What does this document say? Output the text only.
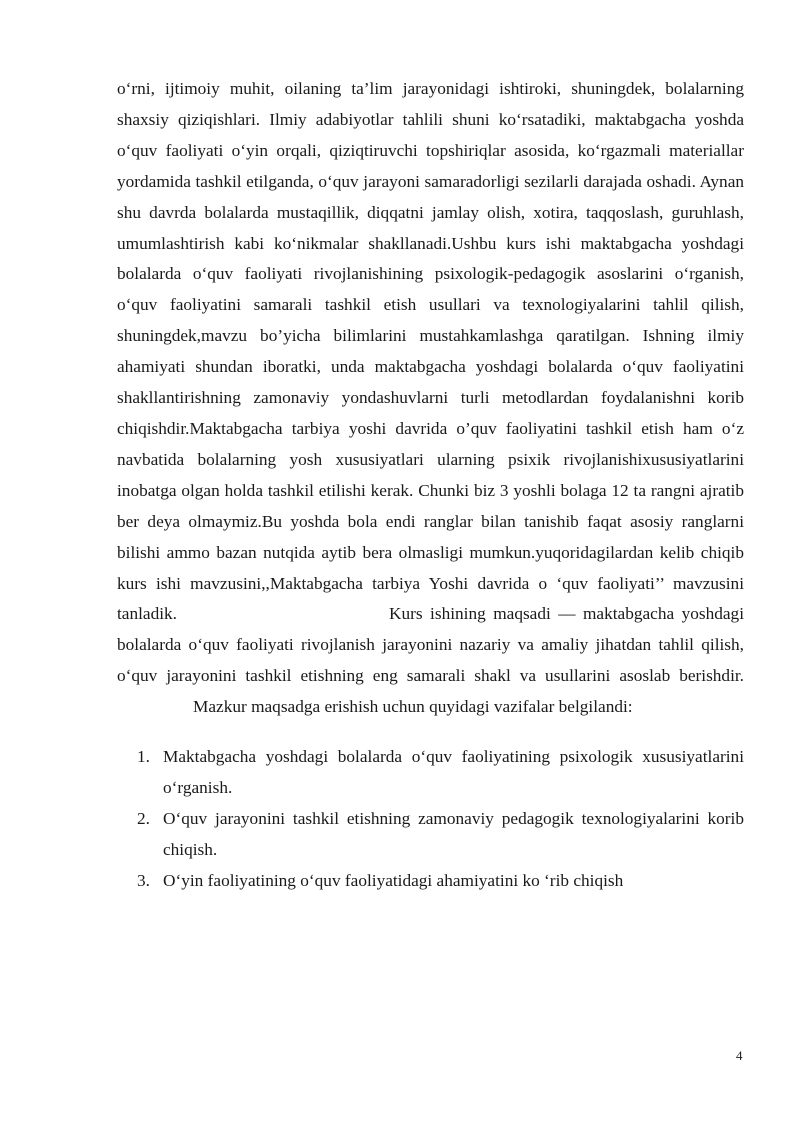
o‘rni, ijtimoiy muhit, oilaning ta’lim jarayonidagi ishtiroki, shuningdek, bolalarning shaxsiy qiziqishlari. Ilmiy adabiyotlar tahlili shuni ko‘rsatadiki, maktabgacha yoshda o‘quv faoliyati o‘yin orqali, qiziqtiruvchi topshiriqlar asosida, ko‘rgazmali materiallar yordamida tashkil etilganda, o‘quv jarayoni samaradorligi sezilarli darajada oshadi. Aynan shu davrda bolalarda mustaqillik, diqqatni jamlay olish, xotira, taqqoslash, guruhlash, umumlashtirish kabi ko‘nikmalar shakllanadi.Ushbu kurs ishi maktabgacha yoshdagi bolalarda o‘quv faoliyati rivojlanishining psixologik-pedagogik asoslarini o‘rganish, o‘quv faoliyatini samarali tashkil etish usullari va texnologiyalarini tahlil qilish, shuningdek,mavzu bo’yicha bilimlarini mustahkamlashga qaratilgan. Ishning ilmiy ahamiyati shundan iboratki, unda maktabgacha yoshdagi bolalarda o‘quv faoliyatini shakllantirishning zamonaviy yondashuvlarni turli metodlardan foydalanishni korib chiqishdir.Maktabgacha tarbiya yoshi davrida o’quv faoliyatini tashkil etish ham o‘z navbatida bolalarning yosh xususiyatlari ularning psixik rivojlanishixususiyatlarini inobatga olgan holda tashkil etilishi kerak. Chunki biz 3 yoshli bolaga 12 ta rangni ajratib ber deya olmaymiz.Bu yoshda bola endi ranglar bilan tanishib faqat asosiy ranglarni bilishi ammo bazan nutqida aytib bera olmasligi mumkun.yuqoridagilardan kelib chiqib kurs ishi mavzusini,,Maktabgacha tarbiya Yoshi davrida o ‘quv faoliyati’’ mavzusini tanladik.	Kurs ishining maqsadi — maktabgacha yoshdagi bolalarda o‘quv faoliyati rivojlanish jarayonini nazariy va amaliy jihatdan tahlil qilish, o‘quv jarayonini tashkil etishning eng samarali shakl va usullarini asoslab berishdir.Mazkur maqsadga erishish uchun quyidagi vazifalar belgilandi:

1. Maktabgacha yoshdagi bolalarda o‘quv faoliyatining psixologik xususiyatlarini o‘rganish.
2. O‘quv jarayonini tashkil etishning zamonaviy pedagogik texnologiyalarini korib chiqish.
3. O‘yin faoliyatining o‘quv faoliyatidagi ahamiyatini ko ‘rib chiqish
4
